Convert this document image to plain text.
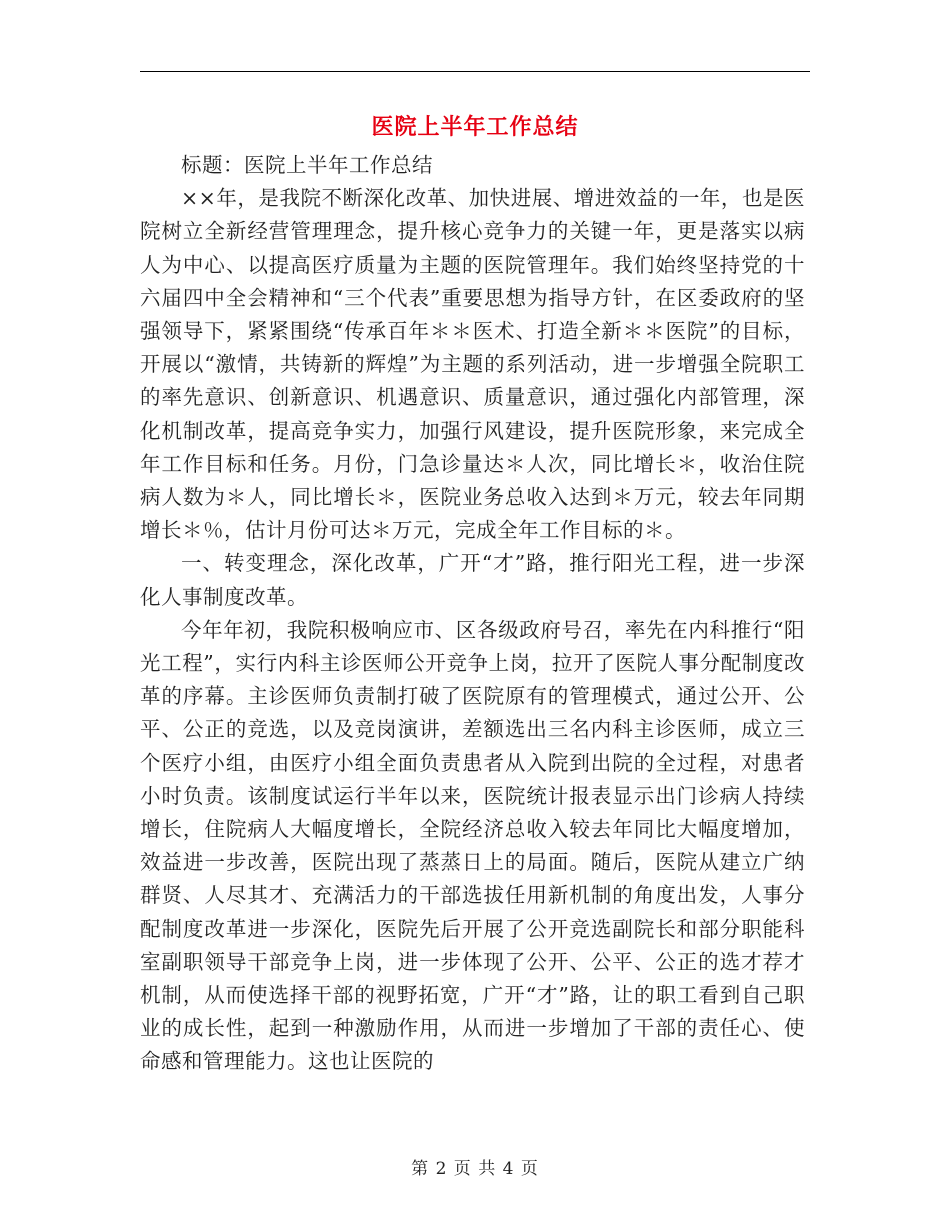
医院上半年工作总结

标题：医院上半年工作总结

××年，是我院不断深化改革、加快进展、增进效益的一年，也是医院树立全新经营管理理念，提升核心竞争力的关键一年，更是落实以病人为中心、以提高医疗质量为主题的医院管理年。我们始终坚持党的十六届四中全会精神和“三个代表”重要思想为指导方针，在区委政府的坚强领导下，紧紧围绕“传承百年＊＊医术、打造全新＊＊医院”的目标，开展以“激情，共铸新的辉煌”为主题的系列活动，进一步增强全院职工的率先意识、创新意识、机遇意识、质量意识，通过强化内部管理，深化机制改革，提高竞争实力，加强行风建设，提升医院形象，来完成全年工作目标和任务。月份，门急诊量达＊人次，同比增长＊，收治住院病人数为＊人，同比增长＊，医院业务总收入达到＊万元，较去年同期增长＊％，估计月份可达＊万元，完成全年工作目标的＊。

一、转变理念，深化改革，广开“才”路，推行阳光工程，进一步深化人事制度改革。

今年年初，我院积极响应市、区各级政府号召，率先在内科推行“阳光工程”，实行内科主诊医师公开竞争上岗，拉开了医院人事分配制度改革的序幕。主诊医师负责制打破了医院原有的管理模式，通过公开、公平、公正的竞选，以及竞岗演讲，差额选出三名内科主诊医师，成立三个医疗小组，由医疗小组全面负责患者从入院到出院的全过程，对患者小时负责。该制度试运行半年以来，医院统计报表显示出门诊病人持续增长，住院病人大幅度增长，全院经济总收入较去年同比大幅度增加，效益进一步改善，医院出现了蒸蒸日上的局面。随后，医院从建立广纳群贤、人尽其才、充满活力的干部选拔任用新机制的角度出发，人事分配制度改革进一步深化，医院先后开展了公开竞选副院长和部分职能科室副职领导干部竞争上岗，进一步体现了公开、公平、公正的选才荐才机制，从而使选择干部的视野拓宽，广开“才”路，让的职工看到自己职业的成长性，起到一种激励作用，从而进一步增加了干部的责任心、使命感和管理能力。这也让医院的

第 2 页 共 4 页
